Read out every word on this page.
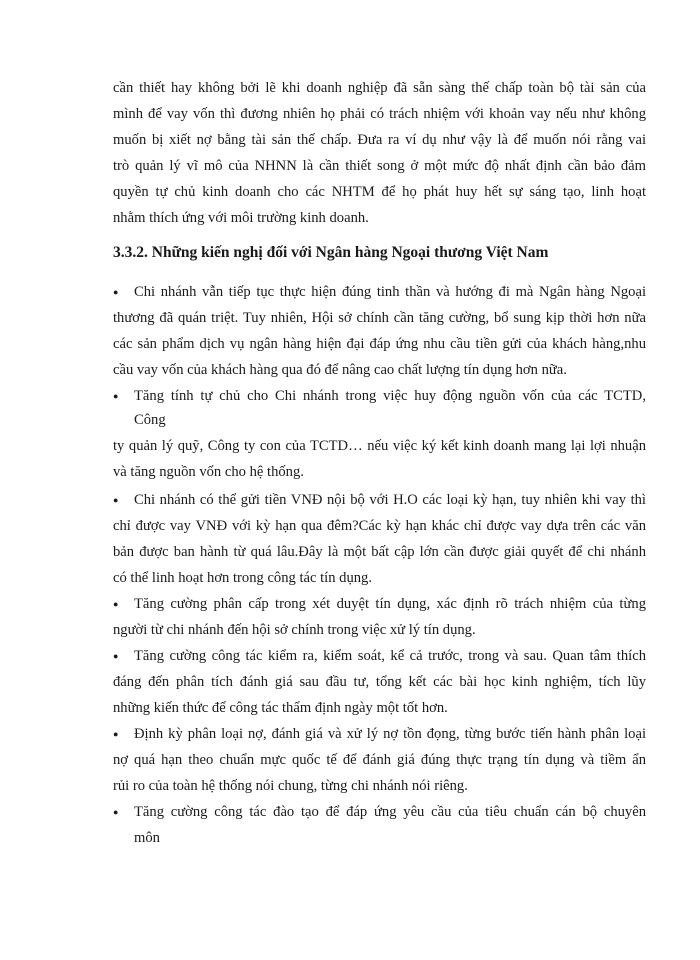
cần thiết hay không bởi lẽ khi doanh nghiệp đã sẵn sàng thế chấp toàn bộ tài sản của
mình để vay vốn thì đương nhiên họ phải có trách nhiệm với khoản vay nếu như không
muốn bị xiết nợ bằng tài sản thế chấp. Đưa ra ví dụ như vậy là để muốn nói rằng vai
trò quản lý vĩ mô của NHNN là cần thiết song ở một mức độ nhất định cần bảo đảm
quyền tự chủ kinh doanh cho các NHTM để họ phát huy hết sự sáng tạo, linh hoạt
nhằm thích ứng với môi trường kinh doanh.
3.3.2. Những kiến nghị đối với Ngân hàng Ngoại thương Việt Nam
● Chi nhánh vẫn tiếp tục thực hiện đúng tinh thần và hướng đi mà Ngân hàng Ngoại
thương đã quán triệt. Tuy nhiên, Hội sở chính cần tăng cường, bổ sung kịp thời hơn nữa
các sản phẩm dịch vụ ngân hàng hiện đại đáp ứng nhu cầu tiền gửi của khách hàng,nhu
cầu vay vốn của khách hàng qua đó để nâng cao chất lượng tín dụng hơn nữa.
● Tăng tính tự chủ cho Chi nhánh trong việc huy động nguồn vốn của các TCTD,
Công
ty quản lý quỹ, Công ty con của TCTD… nếu việc ký kết kinh doanh mang lại lợi nhuận
và tăng nguồn vốn cho hệ thống.
● Chi nhánh có thể gửi tiền VNĐ nội bộ với H.O các loại kỳ hạn, tuy nhiên khi vay thì
chỉ được vay VNĐ với kỳ hạn qua đêm?Các kỳ hạn khác chỉ được vay dựa trên các văn
bản được ban hành từ quá lâu.Đây là một bất cập lớn cần được giải quyết để chi nhánh
có thể linh hoạt hơn trong công tác tín dụng.
● Tăng cường phân cấp trong xét duyệt tín dụng, xác định rõ trách nhiệm của từng
người từ chi nhánh đến hội sở chính trong việc xử lý tín dụng.
● Tăng cường công tác kiểm ra, kiểm soát, kể cả trước, trong và sau. Quan tâm thích
đáng đến phân tích đánh giá sau đầu tư, tổng kết các bài học kinh nghiệm, tích lũy
những kiến thức để công tác thẩm định ngày một tốt hơn.
● Định kỳ phân loại nợ, đánh giá và xử lý nợ tồn đọng, từng bước tiến hành phân loại
nợ quá hạn theo chuẩn mực quốc tế để đánh giá đúng thực trạng tín dụng và tiềm ẩn
rủi ro của toàn hệ thống nói chung, từng chi nhánh nói riêng.
● Tăng cường công tác đào tạo để đáp ứng yêu cầu của tiêu chuẩn cán bộ chuyên
môn
